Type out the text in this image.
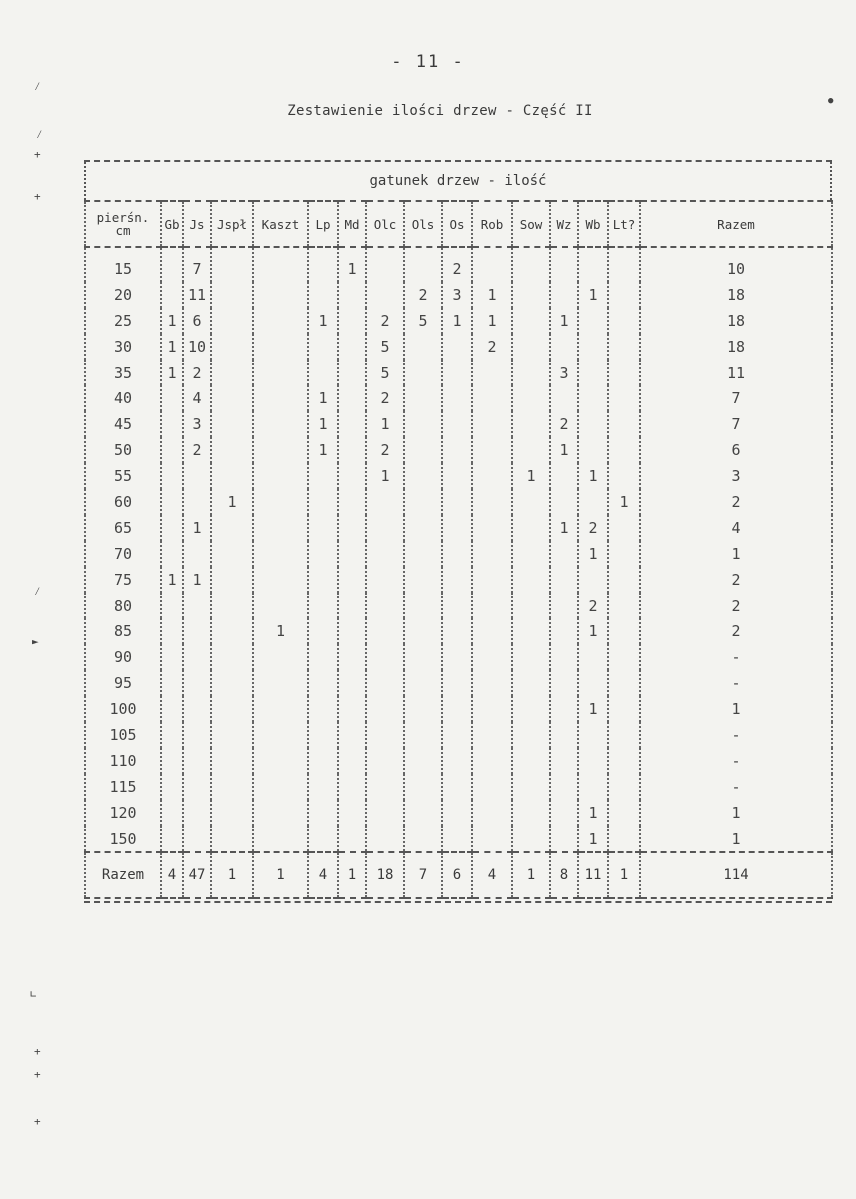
- 11 -
Zestawienie ilości drzew - Część II
⁄
⁄
+
+
⁄
►
∟
+
+
+
●
gatunek drzew - ilość
pierśn.
cm	Gb	Js	Jspł	Kaszt	Lp	Md	Olc	Ols	Os	Rob	Sow	Wz	Wb	Lt?	Razem
15		7				1			2						10
20		11						2	3	1			1		18
25	1	6			1		2	5	1	1		1			18
30	1	10					5			2					18
35	1	2					5					3			11
40		4			1		2								7
45		3			1		1					2			7
50		2			1		2					1			6
55							1				1		1		3
60			1											1	2
65		1										1	2		4
70													1		1
75	1	1													2
80													2		2
85				1									1		2
90															-
95															-
100													1		1
105															-
110															-
115															-
120													1		1
150													1		1
Razem	4	47	1	1	4	1	18	7	6	4	1	8	11	1	114
